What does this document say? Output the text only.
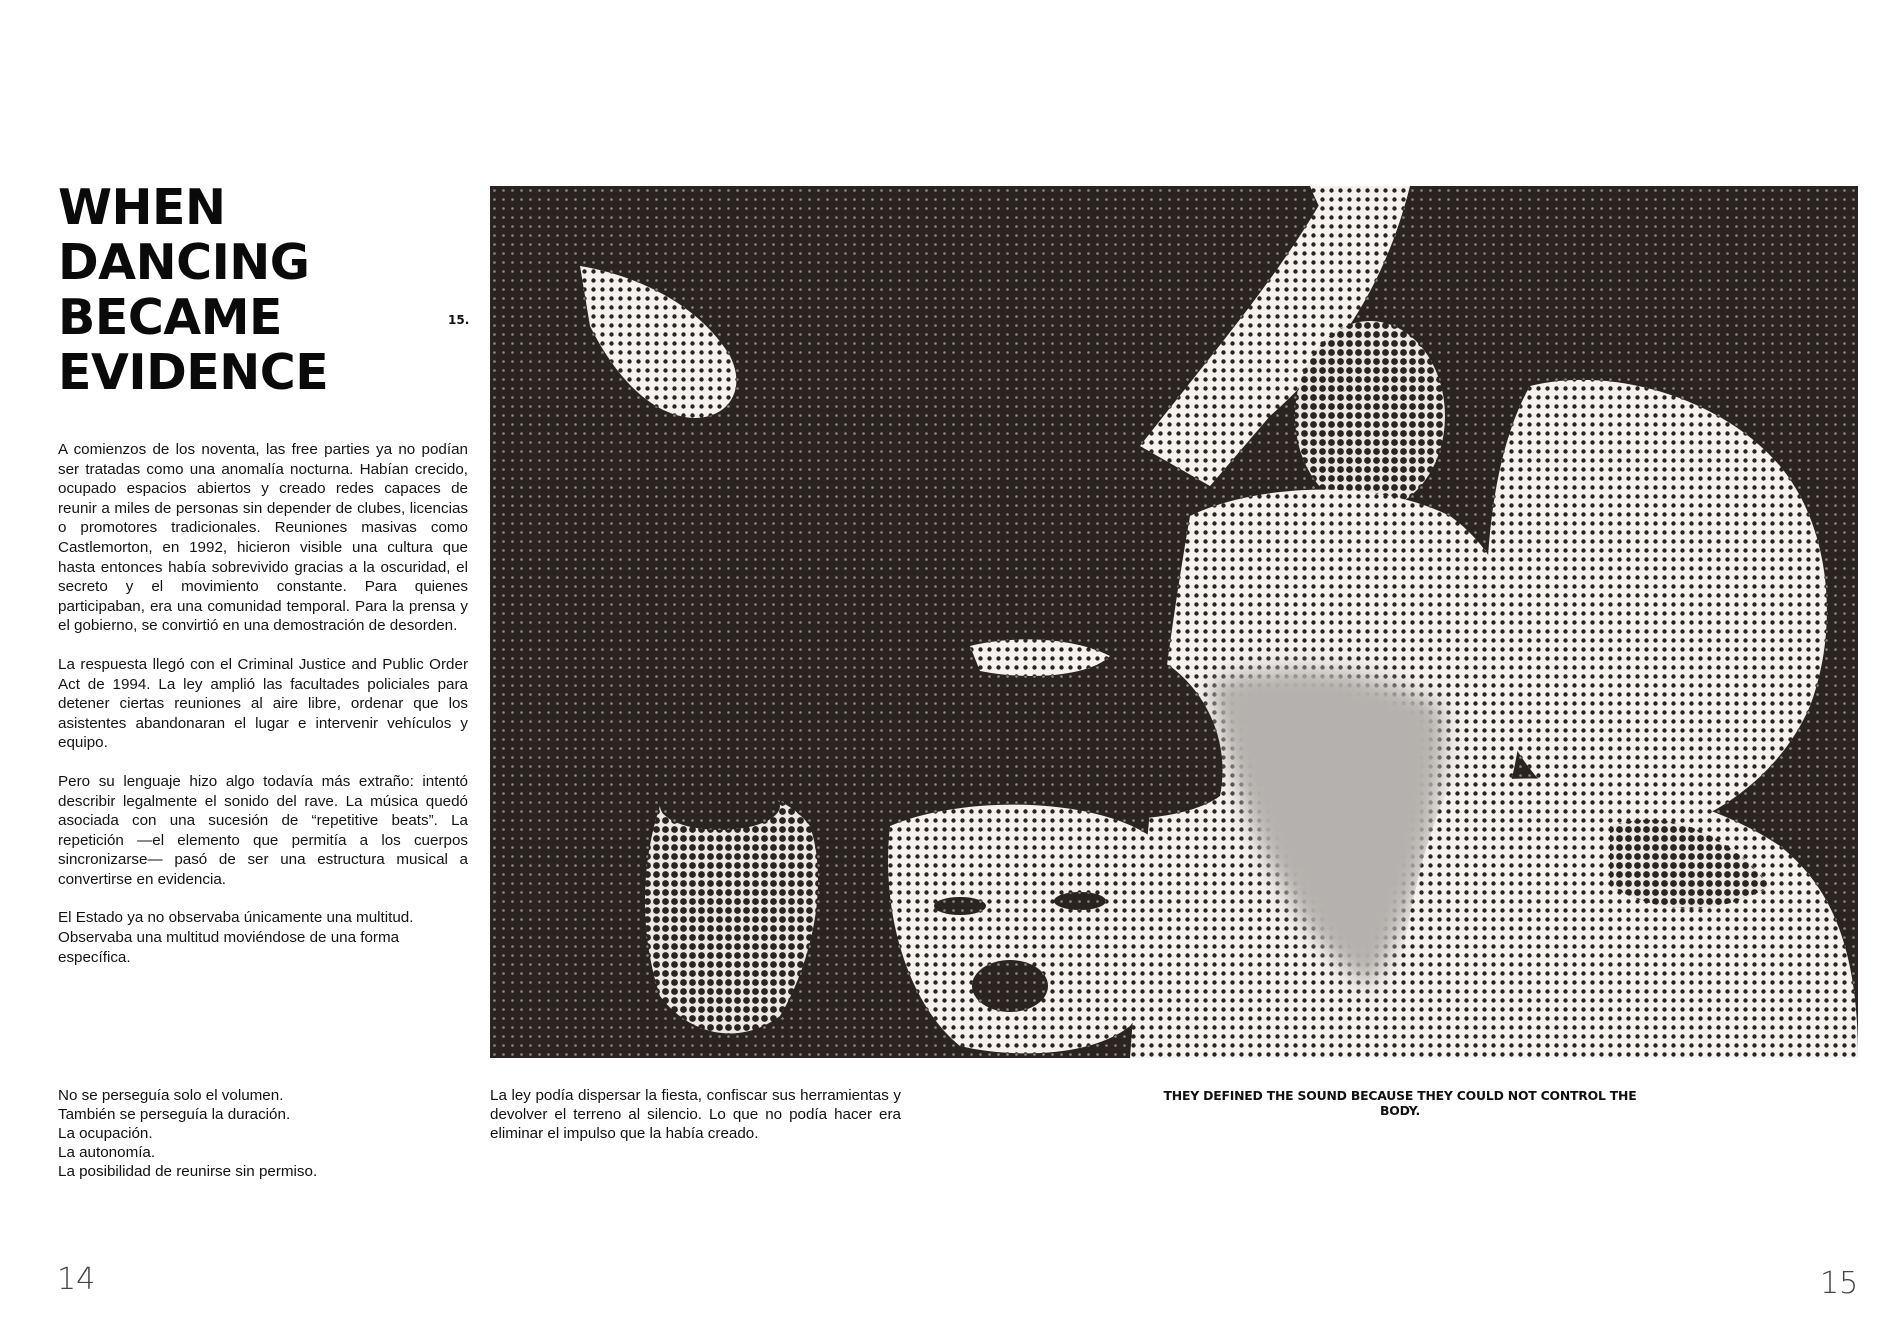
WHEN
DANCING
BECAME
EVIDENCE
15.

A comienzos de los noventa, las free parties ya no podían ser tratadas como una anomalía nocturna. Habían crecido, ocupado espacios abiertos y creado redes capaces de reunir a miles de personas sin depender de clubes, licencias o promotores tradicionales. Reuniones masivas como Castlemorton, en 1992, hicieron visible una cultura que hasta entonces había sobrevivido gracias a la oscuridad, el secreto y el movimiento constante. Para quienes participaban, era una comunidad temporal. Para la prensa y el gobierno, se convirtió en una demostración de desorden.

La respuesta llegó con el Criminal Justice and Public Order Act de 1994. La ley amplió las facultades policiales para detener ciertas reuniones al aire libre, ordenar que los asistentes abandonaran el lugar e intervenir vehículos y equipo.

Pero su lenguaje hizo algo todavía más extraño: intentó describir legalmente el sonido del rave. La música quedó asociada con una sucesión de “repetitive beats”. La repetición —el elemento que permitía a los cuerpos sincronizarse— pasó de ser una estructura musical a convertirse en evidencia.

El Estado ya no observaba únicamente una multitud. Observaba una multitud moviéndose de una forma específica.

No se perseguía solo el volumen.
También se perseguía la duración.
La ocupación.
La autonomía.
La posibilidad de reunirse sin permiso.
La ley podía dispersar la fiesta, confiscar sus herramientas y devolver el terreno al silencio. Lo que no podía hacer era eliminar el impulso que la había creado.
THEY DEFINED THE SOUND BECAUSE THEY COULD NOT CONTROL THE BODY.
14	15
